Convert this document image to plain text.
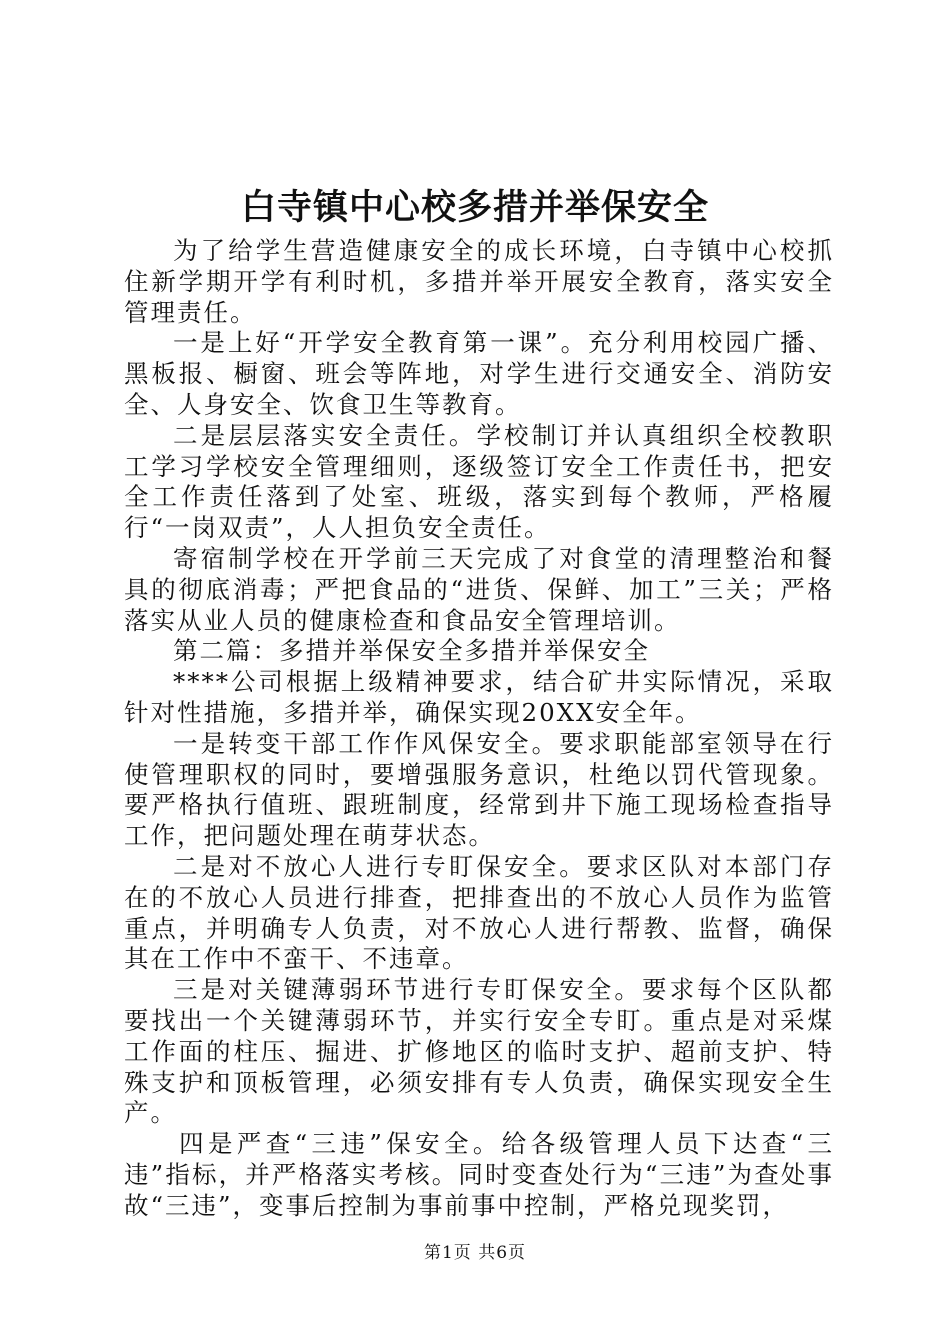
白寺镇中心校多措并举保安全

为了给学生营造健康安全的成长环境，白寺镇中心校抓住新学期开学有利时机，多措并举开展安全教育，落实安全管理责任。

一是上好“开学安全教育第一课”。充分利用校园广播、黑板报、橱窗、班会等阵地，对学生进行交通安全、消防安全、人身安全、饮食卫生等教育。

二是层层落实安全责任。学校制订并认真组织全校教职工学习学校安全管理细则，逐级签订安全工作责任书，把安全工作责任落到了处室、班级，落实到每个教师，严格履行“一岗双责”，人人担负安全责任。

寄宿制学校在开学前三天完成了对食堂的清理整治和餐具的彻底消毒；严把食品的“进货、保鲜、加工”三关；严格落实从业人员的健康检查和食品安全管理培训。

第二篇：多措并举保安全多措并举保安全

****公司根据上级精神要求，结合矿井实际情况，采取针对性措施，多措并举，确保实现20XX安全年。

一是转变干部工作作风保安全。要求职能部室领导在行使管理职权的同时，要增强服务意识，杜绝以罚代管现象。要严格执行值班、跟班制度，经常到井下施工现场检查指导工作，把问题处理在萌芽状态。

二是对不放心人进行专盯保安全。要求区队对本部门存在的不放心人员进行排查，把排查出的不放心人员作为监管重点，并明确专人负责，对不放心人进行帮教、监督，确保其在工作中不蛮干、不违章。

三是对关键薄弱环节进行专盯保安全。要求每个区队都要找出一个关键薄弱环节，并实行安全专盯。重点是对采煤工作面的柱压、掘进、扩修地区的临时支护、超前支护、特殊支护和顶板管理，必须安排有专人负责，确保实现安全生产。

四是严查“三违”保安全。给各级管理人员下达查“三违”指标，并严格落实考核。同时变查处行为“三违”为查处事故“三违”，变事后控制为事前事中控制，严格兑现奖罚，

第1页 共6页
